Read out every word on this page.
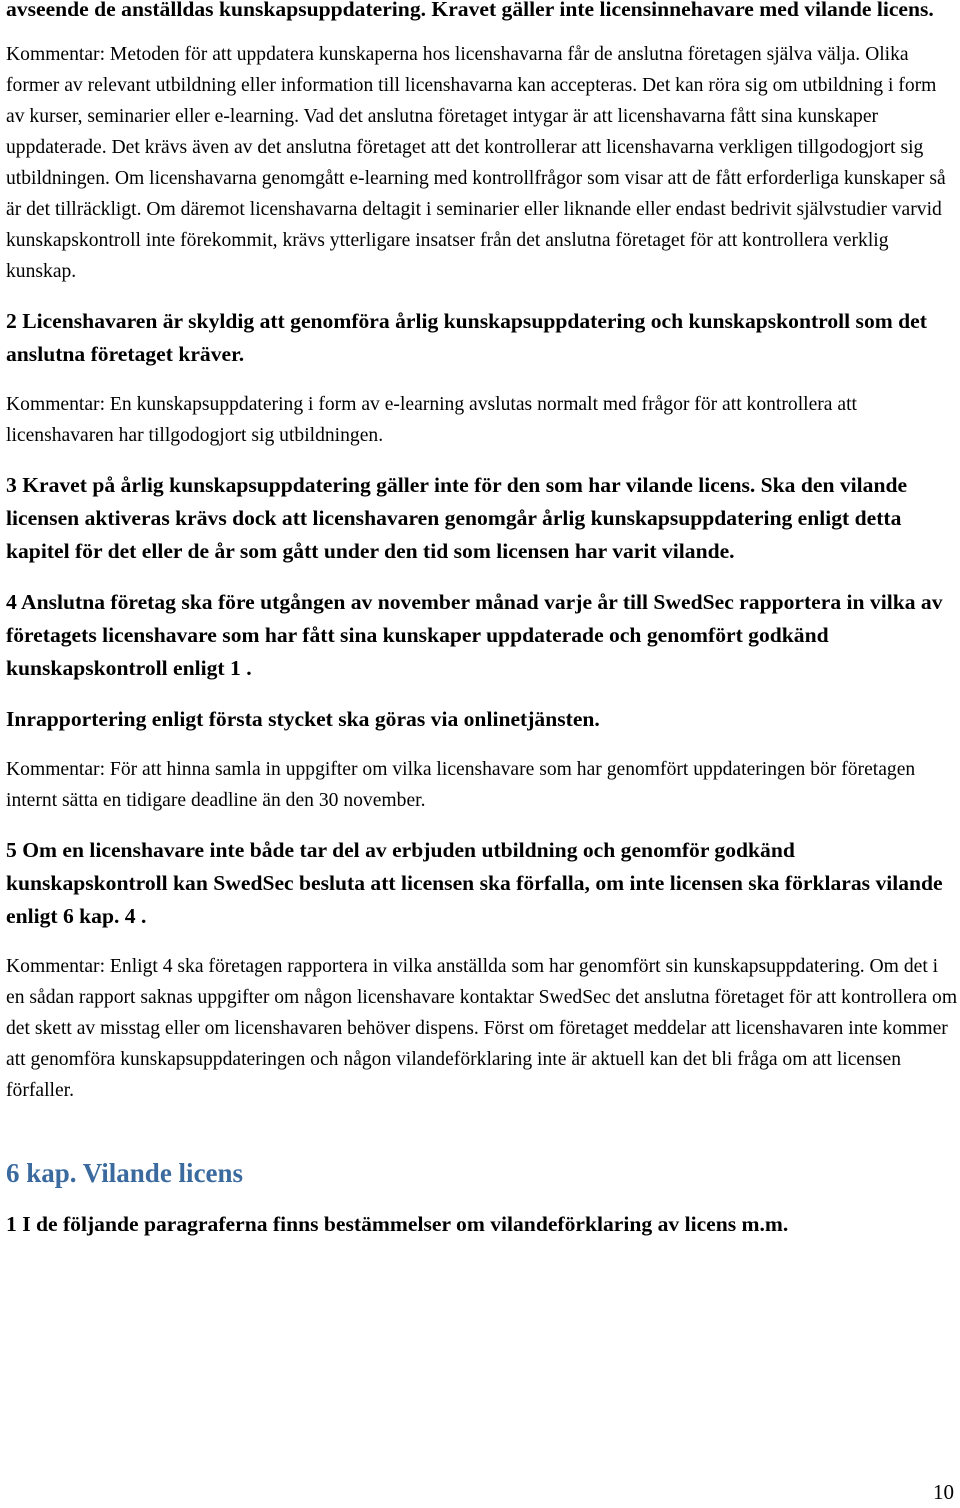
avseende de anställdas kunskapsuppdatering. Kravet gäller inte licensinnehavare med vilande licens.

Kommentar: Metoden för att uppdatera kunskaperna hos licenshavarna får de anslutna företagen själva välja. Olika former av relevant utbildning eller information till licenshavarna kan accepteras. Det kan röra sig om utbildning i form av kurser, seminarier eller e-learning. Vad det anslutna företaget intygar är att licenshavarna fått sina kunskaper uppdaterade. Det krävs även av det anslutna företaget att det kontrollerar att licenshavarna verkligen tillgodogjort sig utbildningen. Om licenshavarna genomgått e-learning med kontrollfrågor som visar att de fått erforderliga kunskaper så är det tillräckligt. Om däremot licenshavarna deltagit i seminarier eller liknande eller endast bedrivit självstudier varvid kunskapskontroll inte förekommit, krävs ytterligare insatser från det anslutna företaget för att kontrollera verklig kunskap.

2 Licenshavaren är skyldig att genomföra årlig kunskapsuppdatering och kunskapskontroll som det anslutna företaget kräver.

Kommentar: En kunskapsuppdatering i form av e-learning avslutas normalt med frågor för att kontrollera att licenshavaren har tillgodogjort sig utbildningen.

3 Kravet på årlig kunskapsuppdatering gäller inte för den som har vilande licens. Ska den vilande licensen aktiveras krävs dock att licenshavaren genomgår årlig kunskapsuppdatering enligt detta kapitel för det eller de år som gått under den tid som licensen har varit vilande.

4 Anslutna företag ska före utgången av november månad varje år till SwedSec rapportera in vilka av företagets licenshavare som har fått sina kunskaper uppdaterade och genomfört godkänd kunskapskontroll enligt 1 .

Inrapportering enligt första stycket ska göras via onlinetjänsten.

Kommentar: För att hinna samla in uppgifter om vilka licenshavare som har genomfört uppdateringen bör företagen internt sätta en tidigare deadline än den 30 november.

5 Om en licenshavare inte både tar del av erbjuden utbildning och genomför godkänd kunskapskontroll kan SwedSec besluta att licensen ska förfalla, om inte licensen ska förklaras vilande enligt 6 kap. 4 .

Kommentar: Enligt 4 ska företagen rapportera in vilka anställda som har genomfört sin kunskapsuppdatering. Om det i en sådan rapport saknas uppgifter om någon licenshavare kontaktar SwedSec det anslutna företaget för att kontrollera om det skett av misstag eller om licenshavaren behöver dispens. Först om företaget meddelar att licenshavaren inte kommer att genomföra kunskapsuppdateringen och någon vilandeförklaring inte är aktuell kan det bli fråga om att licensen förfaller.

6 kap. Vilande licens

1 I de följande paragraferna finns bestämmelser om vilandeförklaring av licens m.m.

10
